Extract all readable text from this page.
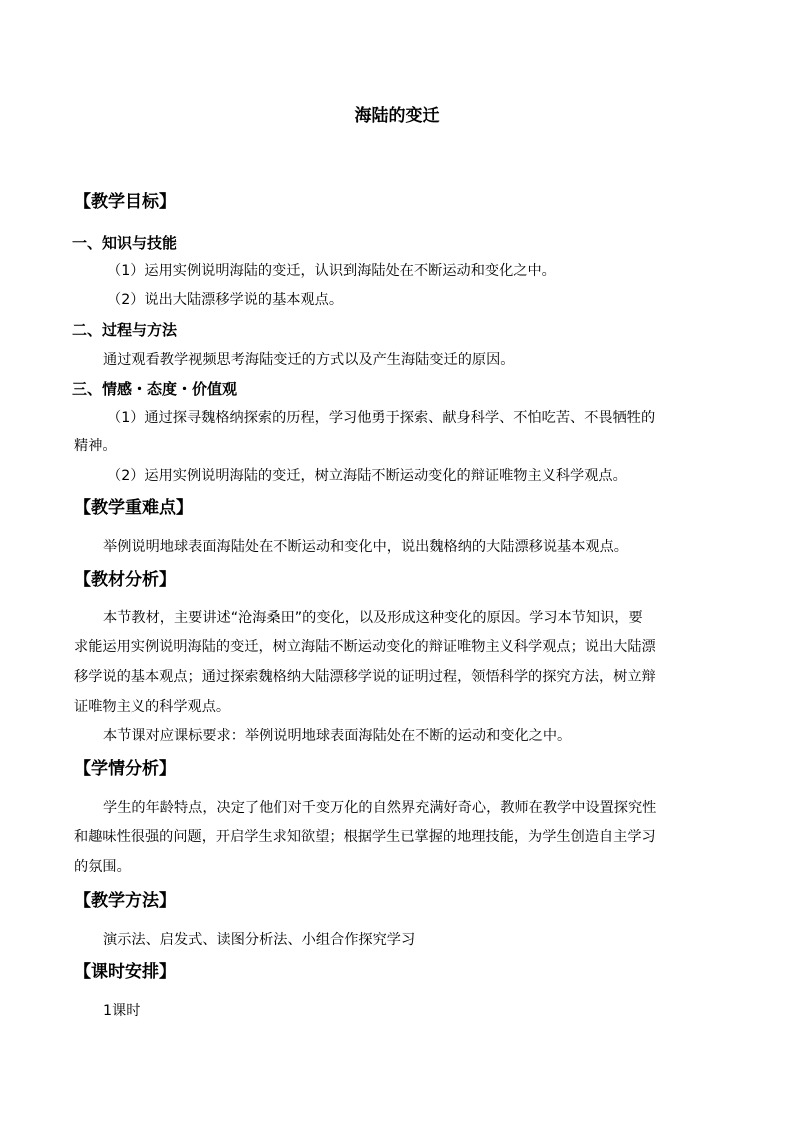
海陆的变迁
【教学目标】
一、知识与技能
（1）运用实例说明海陆的变迁，认识到海陆处在不断运动和变化之中。
（2）说出大陆漂移学说的基本观点。
二、过程与方法
通过观看教学视频思考海陆变迁的方式以及产生海陆变迁的原因。
三、情感・态度・价值观
（1）通过探寻魏格纳探索的历程，学习他勇于探索、献身科学、不怕吃苦、不畏牺牲的
精神。
（2）运用实例说明海陆的变迁，树立海陆不断运动变化的辩证唯物主义科学观点。
【教学重难点】
举例说明地球表面海陆处在不断运动和变化中，说出魏格纳的大陆漂移说基本观点。
【教材分析】
本节教材，主要讲述“沧海桑田”的变化，以及形成这种变化的原因。学习本节知识，要
求能运用实例说明海陆的变迁，树立海陆不断运动变化的辩证唯物主义科学观点；说出大陆漂
移学说的基本观点；通过探索魏格纳大陆漂移学说的证明过程，领悟科学的探究方法，树立辩
证唯物主义的科学观点。
本节课对应课标要求：举例说明地球表面海陆处在不断的运动和变化之中。
【学情分析】
学生的年龄特点，决定了他们对千变万化的自然界充满好奇心，教师在教学中设置探究性
和趣味性很强的问题，开启学生求知欲望；根据学生已掌握的地理技能，为学生创造自主学习
的氛围。
【教学方法】
演示法、启发式、读图分析法、小组合作探究学习
【课时安排】
1课时
